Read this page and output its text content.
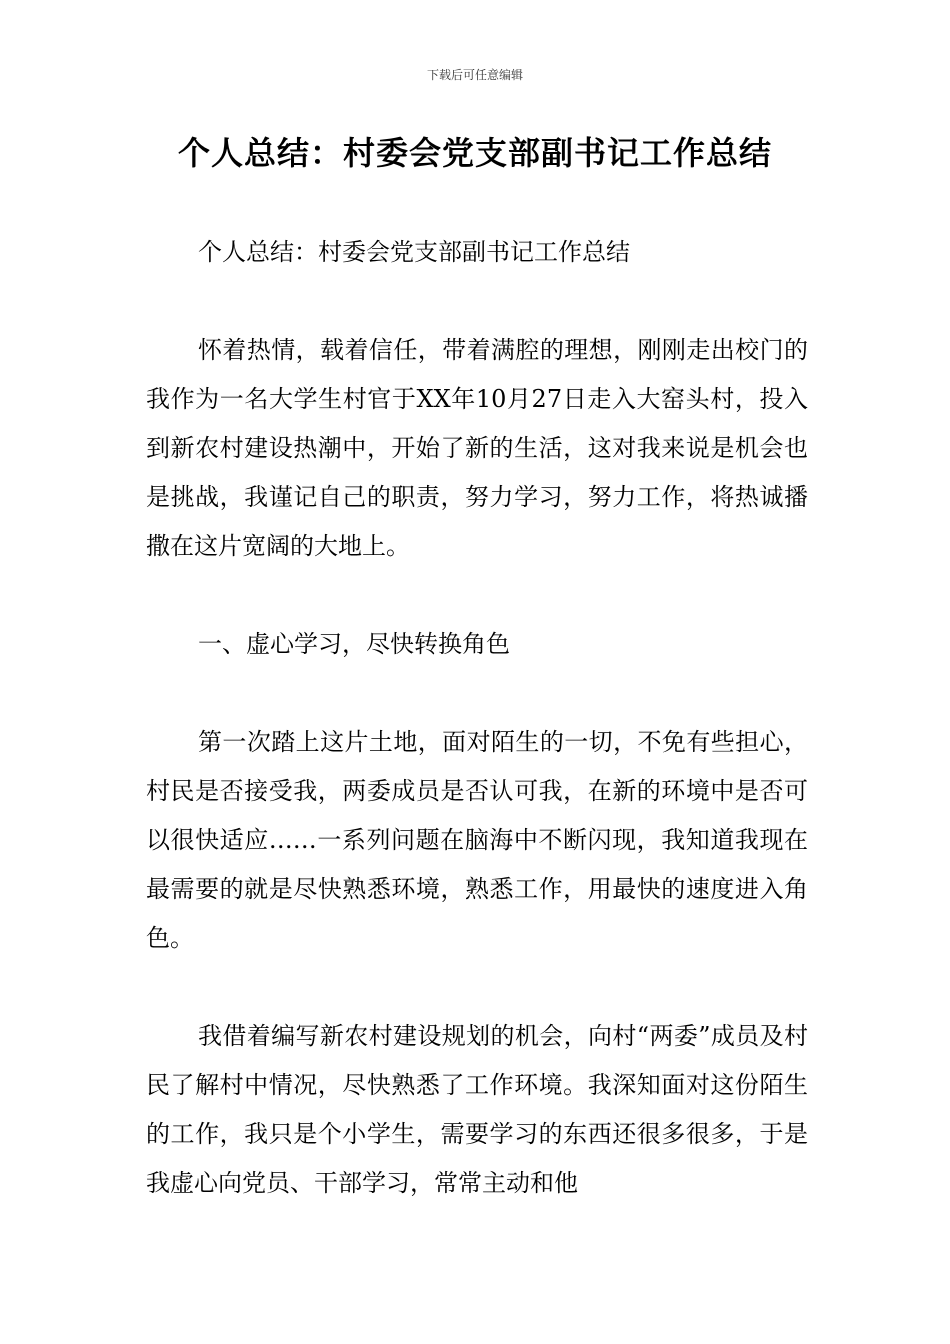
下载后可任意编辑
个人总结：村委会党支部副书记工作总结

个人总结：村委会党支部副书记工作总结

怀着热情，载着信任，带着满腔的理想，刚刚走出校门的我作为一名大学生村官于XX年10月27日走入大窑头村，投入到新农村建设热潮中，开始了新的生活，这对我来说是机会也是挑战，我谨记自己的职责，努力学习，努力工作，将热诚播撒在这片宽阔的大地上。

一、虚心学习，尽快转换角色

第一次踏上这片土地，面对陌生的一切，不免有些担心，村民是否接受我，两委成员是否认可我，在新的环境中是否可以很快适应……一系列问题在脑海中不断闪现，我知道我现在最需要的就是尽快熟悉环境，熟悉工作，用最快的速度进入角色。

我借着编写新农村建设规划的机会，向村“两委”成员及村民了解村中情况，尽快熟悉了工作环境。我深知面对这份陌生的工作，我只是个小学生，需要学习的东西还很多很多，于是我虚心向党员、干部学习，常常主动和他
